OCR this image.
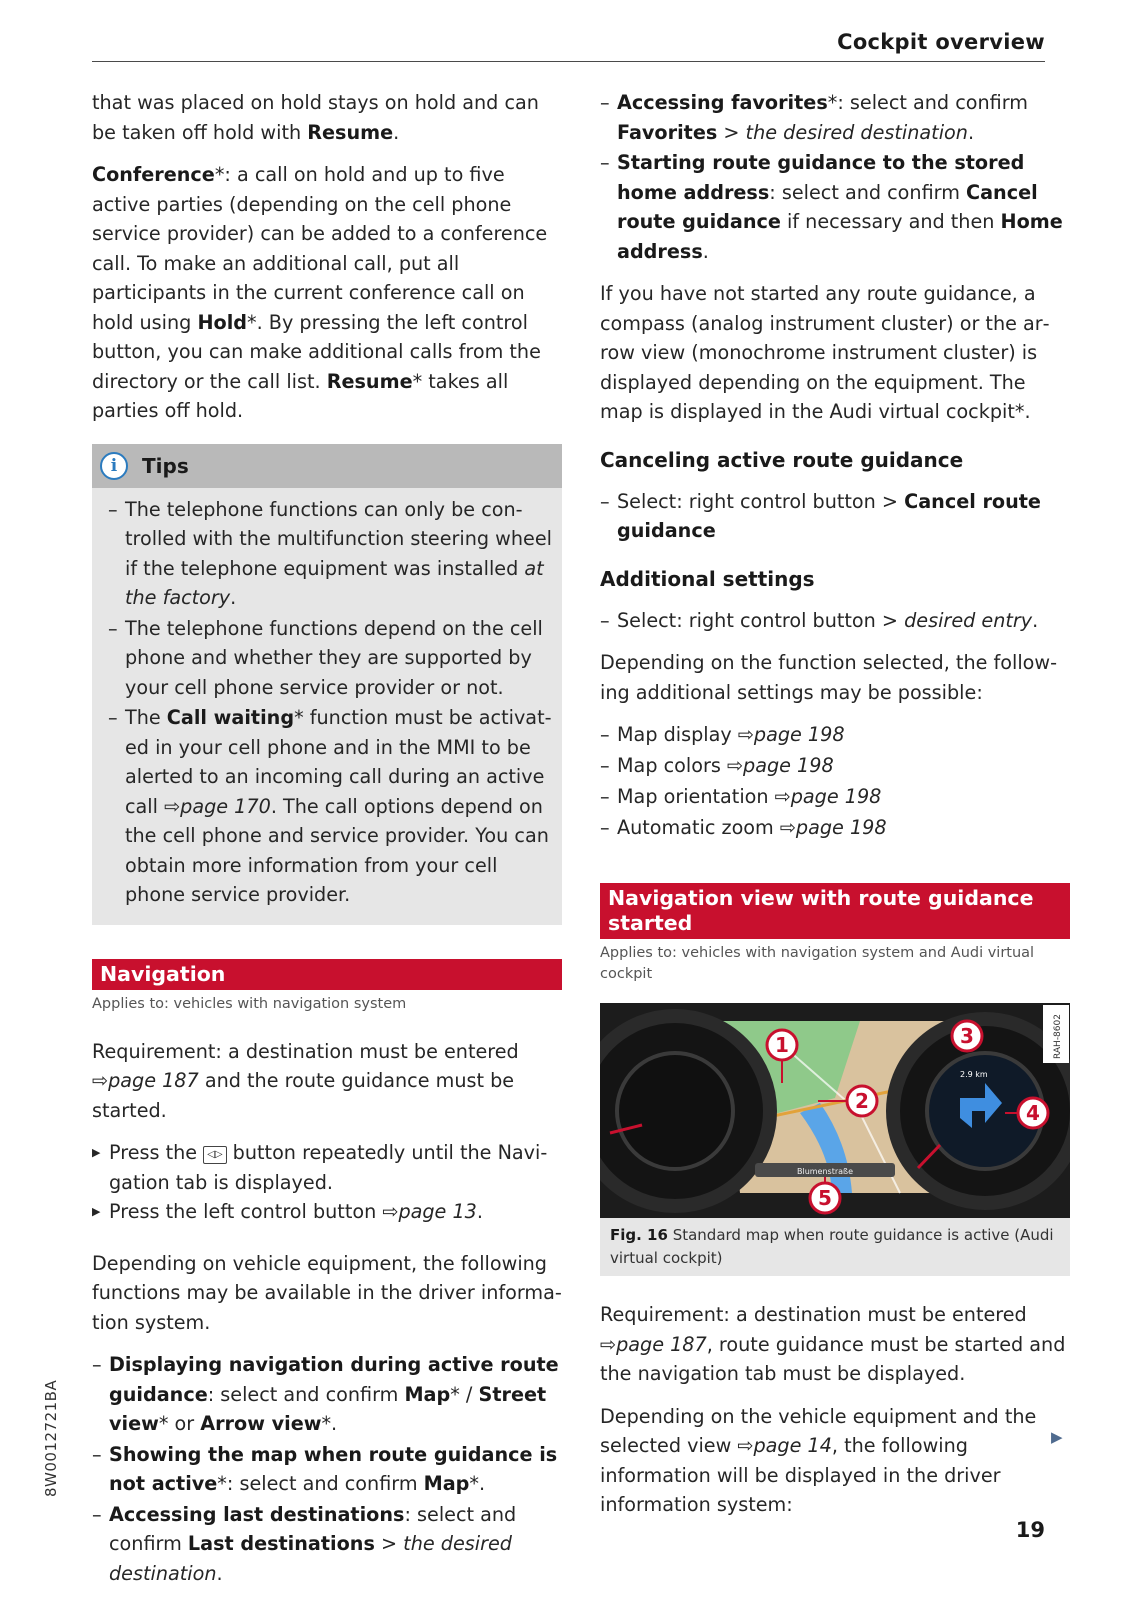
Cockpit overview

that was placed on hold stays on hold and can be taken off hold with Resume.

Conference*: a call on hold and up to five active parties (depending on the cell phone service provider) can be added to a conference call. To make an additional call, put all participants in the current conference call on hold using Hold*. By pressing the left control button, you can make additional calls from the directory or the call list. Resume* takes all parties off hold.

i	Tips
– The telephone functions can only be controlled with the multifunction steering wheel if the telephone equipment was installed at the factory.
– The telephone functions depend on the cell phone and whether they are supported by your cell phone service provider or not.
– The Call waiting* function must be activated in your cell phone and in the MMI to be alerted to an incoming call during an active call ⇨page 170. The call options depend on the cell phone and service provider. You can obtain more information from your cell phone service provider.
Navigation
Applies to: vehicles with navigation system

Requirement: a destination must be entered ⇨page 187 and the route guidance must be started.

▶ Press the ◁▷ button repeatedly until the Navigation tab is displayed.
▶ Press the left control button ⇨page 13.

Depending on vehicle equipment, the following functions may be available in the driver information system.

– Displaying navigation during active route guidance: select and confirm Map* / Street view* or Arrow view*.
– Showing the map when route guidance is not active*: select and confirm Map*.
– Accessing last destinations: select and confirm Last destinations > the desired destination.
– Accessing favorites*: select and confirm Favorites > the desired destination.
– Starting route guidance to the stored home address: select and confirm Cancel route guidance if necessary and then Home address.

If you have not started any route guidance, a compass (analog instrument cluster) or the arrow view (monochrome instrument cluster) is displayed depending on the equipment. The map is displayed in the Audi virtual cockpit*.

Canceling active route guidance
– Select: right control button > Cancel route guidance
Additional settings
– Select: right control button > desired entry.

Depending on the function selected, the following additional settings may be possible:

– Map display ⇨page 198
– Map colors ⇨page 198
– Map orientation ⇨page 198
– Automatic zoom ⇨page 198
Navigation view with route guidance started
Applies to: vehicles with navigation system and Audi virtual cockpit
Blumenstraße
2.9 km
RAH-8602
1
2
3
4
5
Fig. 16 Standard map when route guidance is active (Audi virtual cockpit)

Requirement: a destination must be entered ⇨page 187, route guidance must be started and the navigation tab must be displayed.

Depending on the vehicle equipment and the selected view ⇨page 14, the following information will be displayed in the driver information system:

▶
8W0012721BA
19
